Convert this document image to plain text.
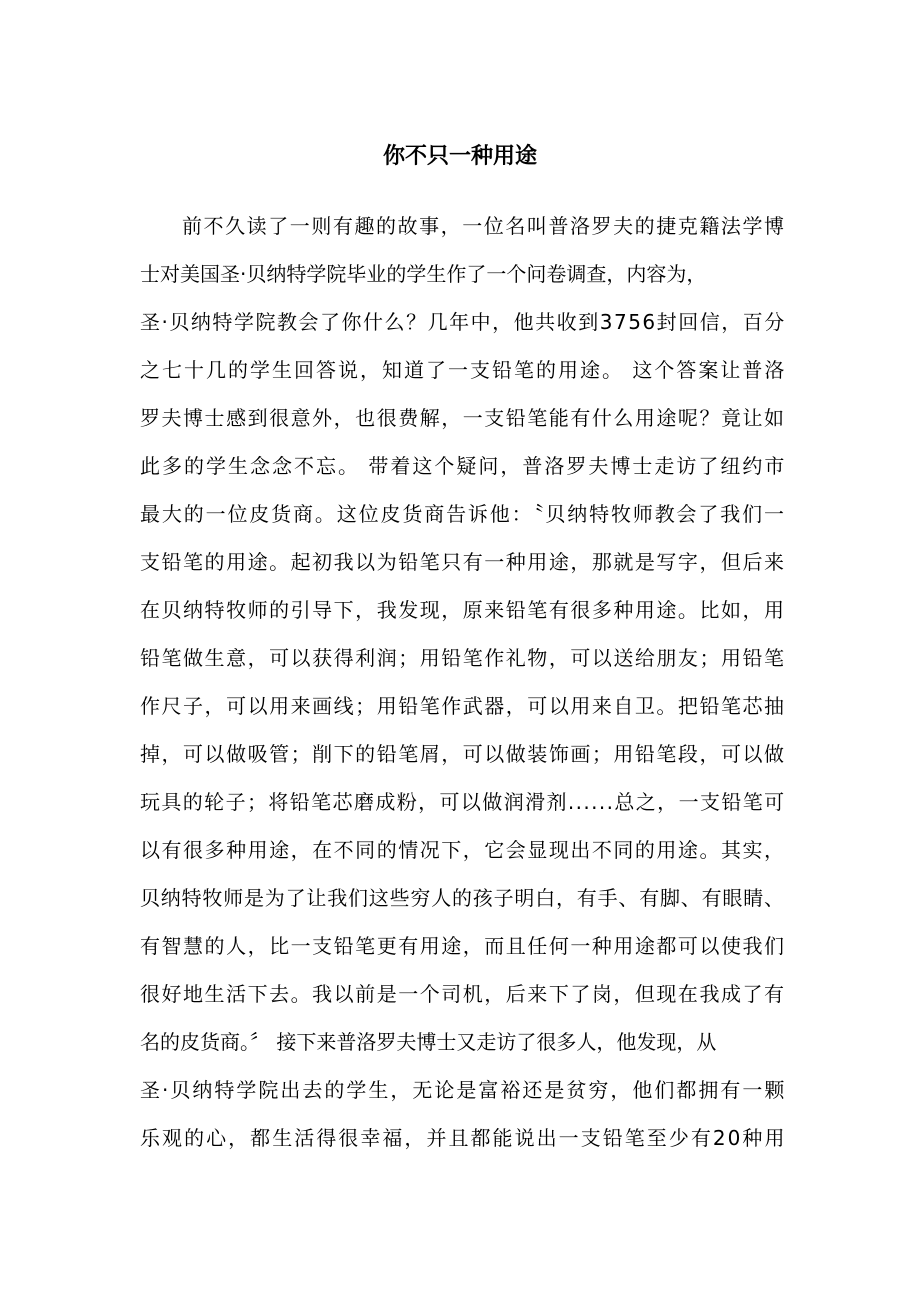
你不只一种用途
前不久读了一则有趣的故事，一位名叫普洛罗夫的捷克籍法学博
士对美国圣·贝纳特学院毕业的学生作了一个问卷调查，内容为，
圣·贝纳特学院教会了你什么？几年中，他共收到3756封回信，百分
之七十几的学生回答说，知道了一支铅笔的用途。 这个答案让普洛
罗夫博士感到很意外，也很费解，一支铅笔能有什么用途呢？竟让如
此多的学生念念不忘。 带着这个疑问，普洛罗夫博士走访了纽约市
最大的一位皮货商。这位皮货商告诉他：〝贝纳特牧师教会了我们一
支铅笔的用途。起初我以为铅笔只有一种用途，那就是写字，但后来
在贝纳特牧师的引导下，我发现，原来铅笔有很多种用途。比如，用
铅笔做生意，可以获得利润；用铅笔作礼物，可以送给朋友；用铅笔
作尺子，可以用来画线；用铅笔作武器，可以用来自卫。把铅笔芯抽
掉，可以做吸管；削下的铅笔屑，可以做装饰画；用铅笔段，可以做
玩具的轮子；将铅笔芯磨成粉，可以做润滑剂......总之，一支铅笔可
以有很多种用途，在不同的情况下，它会显现出不同的用途。其实，
贝纳特牧师是为了让我们这些穷人的孩子明白，有手、有脚、有眼睛、
有智慧的人，比一支铅笔更有用途，而且任何一种用途都可以使我们
很好地生活下去。我以前是一个司机，后来下了岗，但现在我成了有
名的皮货商。〞 接下来普洛罗夫博士又走访了很多人，他发现，从
圣·贝纳特学院出去的学生，无论是富裕还是贫穷，他们都拥有一颗
乐观的心，都生活得很幸福，并且都能说出一支铅笔至少有20种用
